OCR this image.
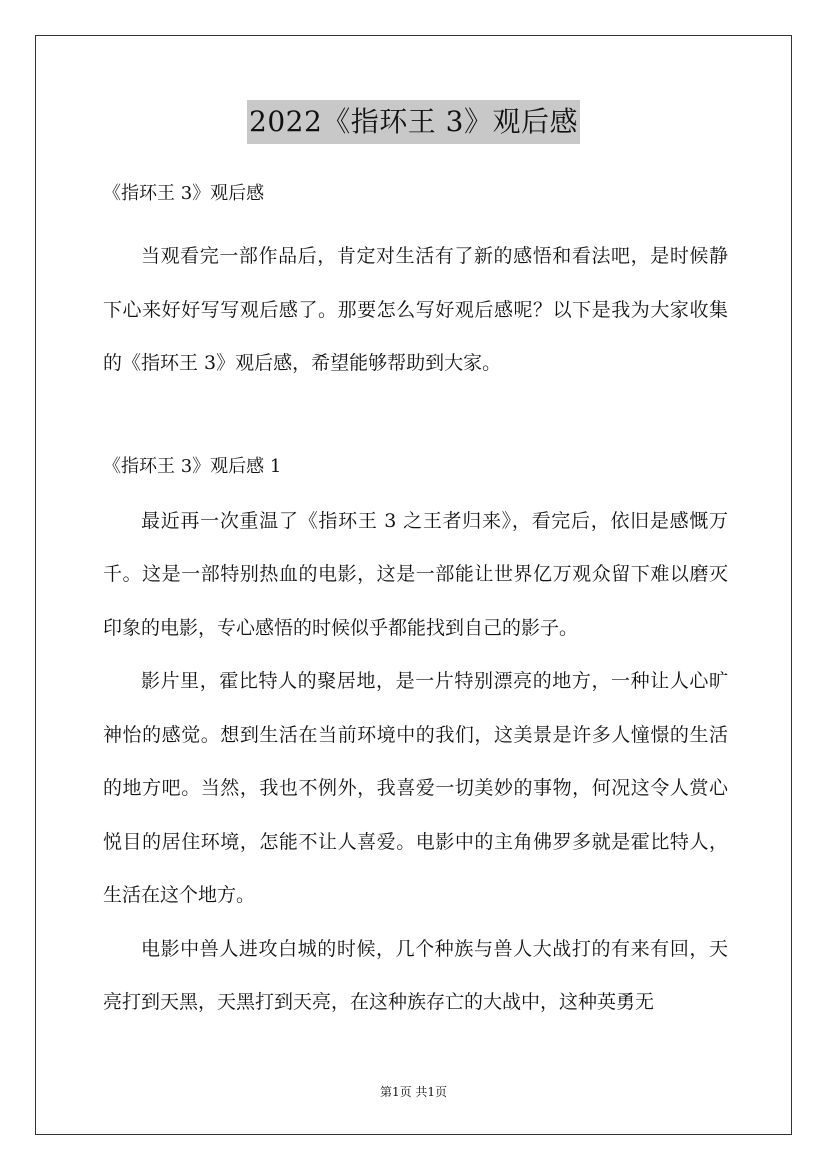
2022《指环王 3》观后感
《指环王 3》观后感

当观看完一部作品后，肯定对生活有了新的感悟和看法吧，是时候静下心来好好写写观后感了。那要怎么写好观后感呢？以下是我为大家收集的《指环王 3》观后感，希望能够帮助到大家。

《指环王 3》观后感 1

最近再一次重温了《指环王 3 之王者归来》，看完后，依旧是感慨万千。这是一部特别热血的电影，这是一部能让世界亿万观众留下难以磨灭印象的电影，专心感悟的时候似乎都能找到自己的影子。

影片里，霍比特人的聚居地，是一片特别漂亮的地方，一种让人心旷神怡的感觉。想到生活在当前环境中的我们，这美景是许多人憧憬的生活的地方吧。当然，我也不例外，我喜爱一切美妙的事物，何况这令人赏心悦目的居住环境，怎能不让人喜爱。电影中的主角佛罗多就是霍比特人，生活在这个地方。

电影中兽人进攻白城的时候，几个种族与兽人大战打的有来有回，天亮打到天黑，天黑打到天亮，在这种族存亡的大战中，这种英勇无

第1页 共1页
